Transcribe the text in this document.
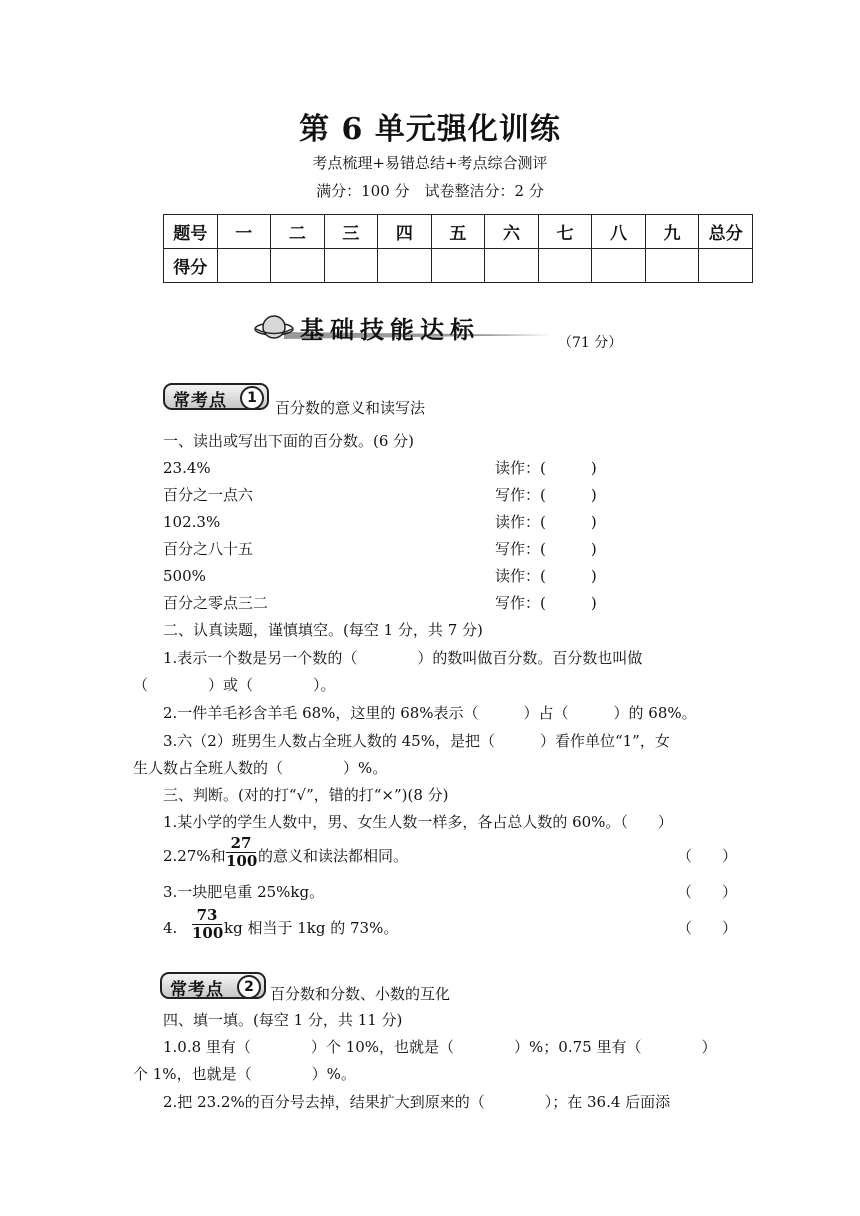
第 6 单元强化训练
考点梳理+易错总结+考点综合测评
满分：100 分　试卷整洁分：2 分
题号	一	二	三	四	五	六	七	八	九	总分
得分										
基础技能达标	（71 分）
常考点	1
百分数的意义和读写法
一、读出或写出下面的百分数。(6 分)
23.4%	读作：(　　　)
百分之一点六	写作：(　　　)
102.3%	读作：(　　　)
百分之八十五	写作：(　　　)
500%	读作：(　　　)
百分之零点三二	写作：(　　　)
二、认真读题，谨慎填空。(每空 1 分，共 7 分)
1.表示一个数是另一个数的（　　　　）的数叫做百分数。百分数也叫做
（　　　　）或（　　　　）。
2.一件羊毛衫含羊毛 68%，这里的 68%表示（　　　）占（　　　）的 68%。
3.六（2）班男生人数占全班人数的 45%，是把（　　　）看作单位“1”，女
生人数占全班人数的（　　　　）%。
三、判断。(对的打“√”，错的打“×”)(8 分)
1.某小学的学生人数中，男、女生人数一样多，各占总人数的 60%。（　　）
2.27%和 $\frac{27}{100}$ 的意义和读法都相同。	（　　）
3.一块肥皂重 25%kg。	（　　）
4. $\frac{73}{100}$ kg 相当于 1kg 的 73%。	（　　）
常考点	2	百分数和分数、小数的互化
四、填一填。(每空 1 分，共 11 分)
1.0.8 里有（　　　　）个 10%，也就是（　　　　）%；0.75 里有（　　　　）
个 1%，也就是（　　　　）%。
2.把 23.2%的百分号去掉，结果扩大到原来的（　　　　）；在 36.4 后面添
